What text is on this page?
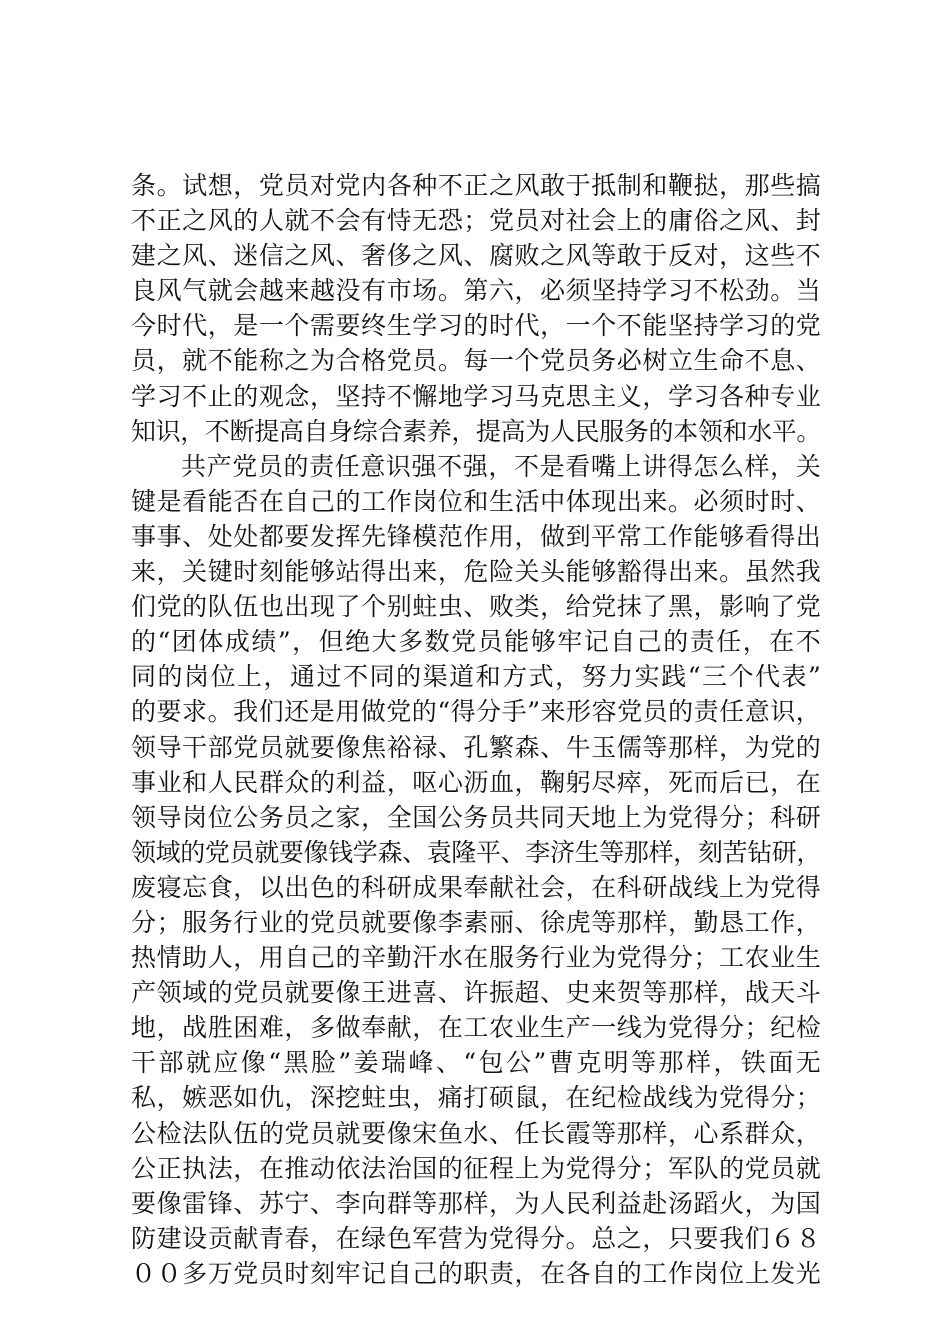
条。试想，党员对党内各种不正之风敢于抵制和鞭挞，那些搞
不正之风的人就不会有恃无恐；党员对社会上的庸俗之风、封
建之风、迷信之风、奢侈之风、腐败之风等敢于反对，这些不
良风气就会越来越没有市场。第六，必须坚持学习不松劲。当
今时代，是一个需要终生学习的时代，一个不能坚持学习的党
员，就不能称之为合格党员。每一个党员务必树立生命不息、
学习不止的观念，坚持不懈地学习马克思主义，学习各种专业
知识，不断提高自身综合素养，提高为人民服务的本领和水平。
共产党员的责任意识强不强，不是看嘴上讲得怎么样，关
键是看能否在自己的工作岗位和生活中体现出来。必须时时、
事事、处处都要发挥先锋模范作用，做到平常工作能够看得出
来，关键时刻能够站得出来，危险关头能够豁得出来。虽然我
们党的队伍也出现了个别蛀虫、败类，给党抹了黑，影响了党
的“团体成绩”，但绝大多数党员能够牢记自己的责任，在不
同的岗位上，通过不同的渠道和方式，努力实践“三个代表”
的要求。我们还是用做党的“得分手”来形容党员的责任意识，
领导干部党员就要像焦裕禄、孔繁森、牛玉儒等那样，为党的
事业和人民群众的利益，呕心沥血，鞠躬尽瘁，死而后已，在
领导岗位公务员之家，全国公务员共同天地上为党得分；科研
领域的党员就要像钱学森、袁隆平、李济生等那样，刻苦钻研，
废寝忘食，以出色的科研成果奉献社会，在科研战线上为党得
分；服务行业的党员就要像李素丽、徐虎等那样，勤恳工作，
热情助人，用自己的辛勤汗水在服务行业为党得分；工农业生
产领域的党员就要像王进喜、许振超、史来贺等那样，战天斗
地，战胜困难，多做奉献，在工农业生产一线为党得分；纪检
干部就应像“黑脸”姜瑞峰、“包公”曹克明等那样，铁面无
私，嫉恶如仇，深挖蛀虫，痛打硕鼠，在纪检战线为党得分；
公检法队伍的党员就要像宋鱼水、任长霞等那样，心系群众，
公正执法，在推动依法治国的征程上为党得分；军队的党员就
要像雷锋、苏宁、李向群等那样，为人民利益赴汤蹈火，为国
防建设贡献青春，在绿色军营为党得分。总之，只要我们６８
００多万党员时刻牢记自己的职责，在各自的工作岗位上发光
